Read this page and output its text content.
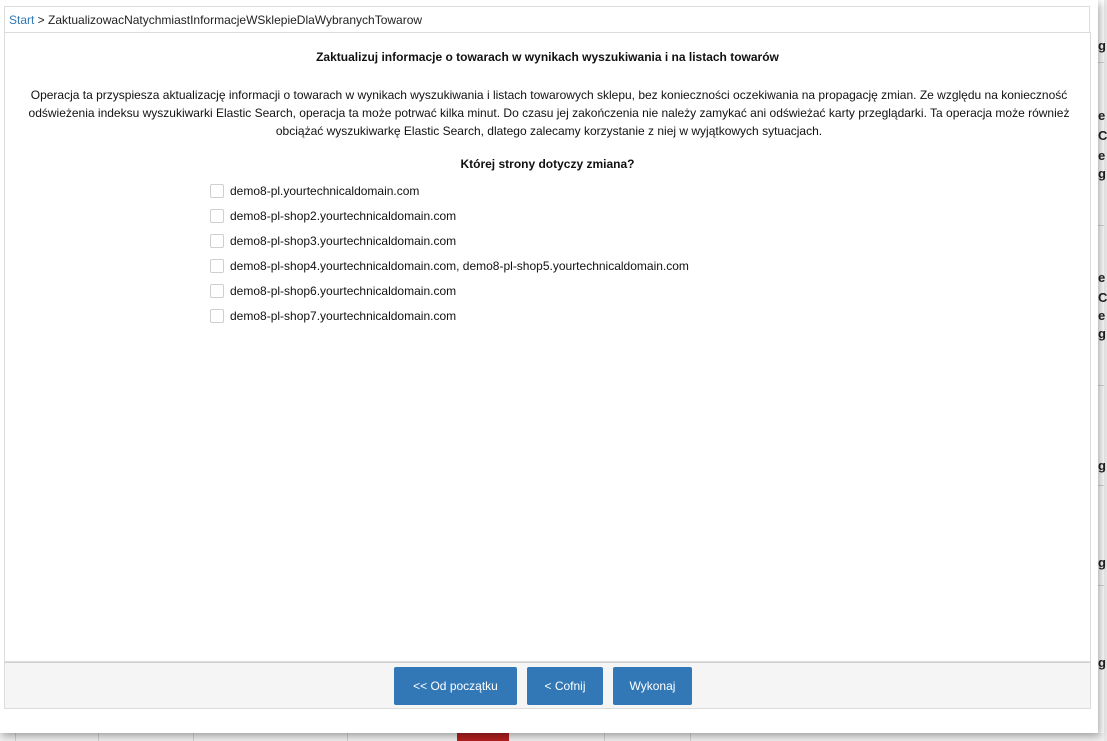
g
e
C
e
g
e
C
e
g
g
g
g
Start > ZaktualizowacNatychmiastInformacjeWSklepieDlaWybranychTowarow
Zaktualizuj informacje o towarach w wynikach wyszukiwania i na listach towarów
Operacja ta przyspiesza aktualizację informacji o towarach w wynikach wyszukiwania i listach towarowych sklepu, bez konieczności oczekiwania na propagację zmian. Ze względu na konieczność odświeżenia indeksu wyszukiwarki Elastic Search, operacja ta może potrwać kilka minut. Do czasu jej zakończenia nie należy zamykać ani odświeżać karty przeglądarki. Ta operacja może również obciążać wyszukiwarkę Elastic Search, dlatego zalecamy korzystanie z niej w wyjątkowych sytuacjach.
Której strony dotyczy zmiana?
demo8-pl.yourtechnicaldomain.com
demo8-pl-shop2.yourtechnicaldomain.com
demo8-pl-shop3.yourtechnicaldomain.com
demo8-pl-shop4.yourtechnicaldomain.com, demo8-pl-shop5.yourtechnicaldomain.com
demo8-pl-shop6.yourtechnicaldomain.com
demo8-pl-shop7.yourtechnicaldomain.com
<< Od początku	< Cofnij	Wykonaj
